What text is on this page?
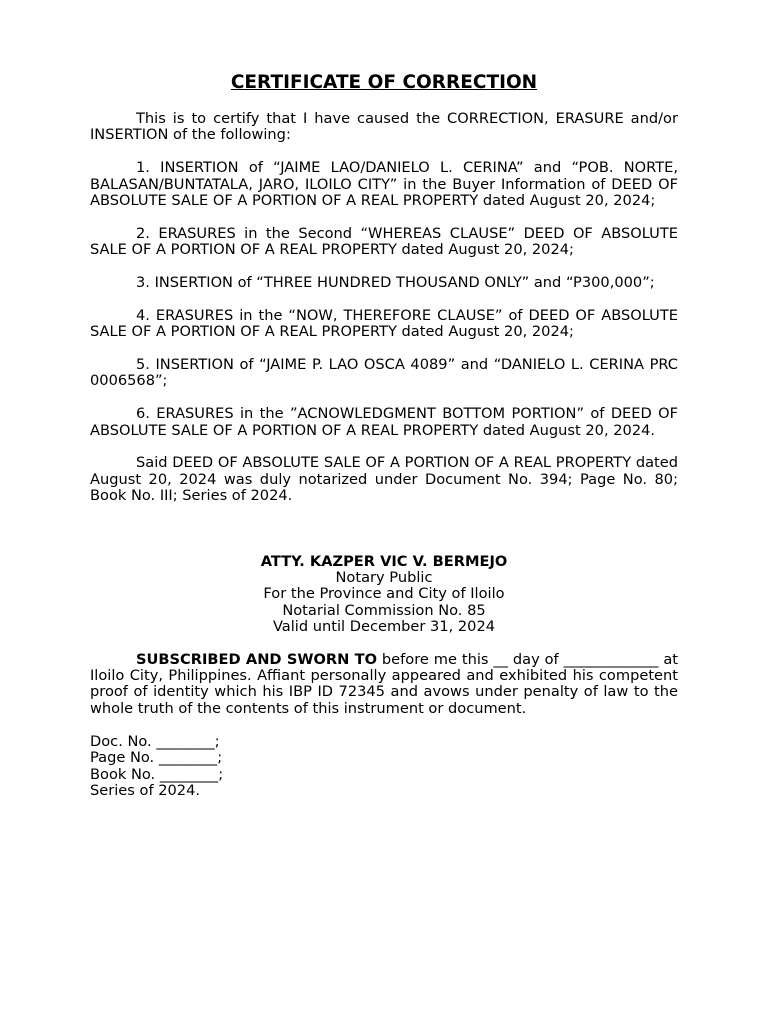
CERTIFICATE OF CORRECTION

This is to certify that I have caused the CORRECTION, ERASURE and/or INSERTION of the following:

1. INSERTION of “JAIME LAO/DANIELO L. CERINA” and “POB. NORTE, BALASAN/BUNTATALA, JARO, ILOILO CITY” in the Buyer Information of DEED OF ABSOLUTE SALE OF A PORTION OF A REAL PROPERTY dated August 20, 2024;

2. ERASURES in the Second “WHEREAS CLAUSE” DEED OF ABSOLUTE SALE OF A PORTION OF A REAL PROPERTY dated August 20, 2024;

3. INSERTION of “THREE HUNDRED THOUSAND ONLY” and “P300,000”;

4. ERASURES in the “NOW, THEREFORE CLAUSE” of DEED OF ABSOLUTE SALE OF A PORTION OF A REAL PROPERTY dated August 20, 2024;

5. INSERTION of “JAIME P. LAO OSCA 4089” and “DANIELO L. CERINA PRC 0006568”;

6. ERASURES in the ”ACNOWLEDGMENT BOTTOM PORTION” of DEED OF ABSOLUTE SALE OF A PORTION OF A REAL PROPERTY dated August 20, 2024.

Said DEED OF ABSOLUTE SALE OF A PORTION OF A REAL PROPERTY dated August 20, 2024 was duly notarized under Document No. 394; Page No. 80; Book No. III; Series of 2024.

ATTY. KAZPER VIC V. BERMEJO
Notary Public
For the Province and City of Iloilo
Notarial Commission No. 85
Valid until December 31, 2024

SUBSCRIBED AND SWORN TO before me this __ day of _____________ at Iloilo City, Philippines. Affiant personally appeared and exhibited his competent proof of identity which his IBP ID 72345 and avows under penalty of law to the whole truth of the contents of this instrument or document.

Doc. No. ________;
Page No. ________;
Book No. ________;
Series of 2024.
